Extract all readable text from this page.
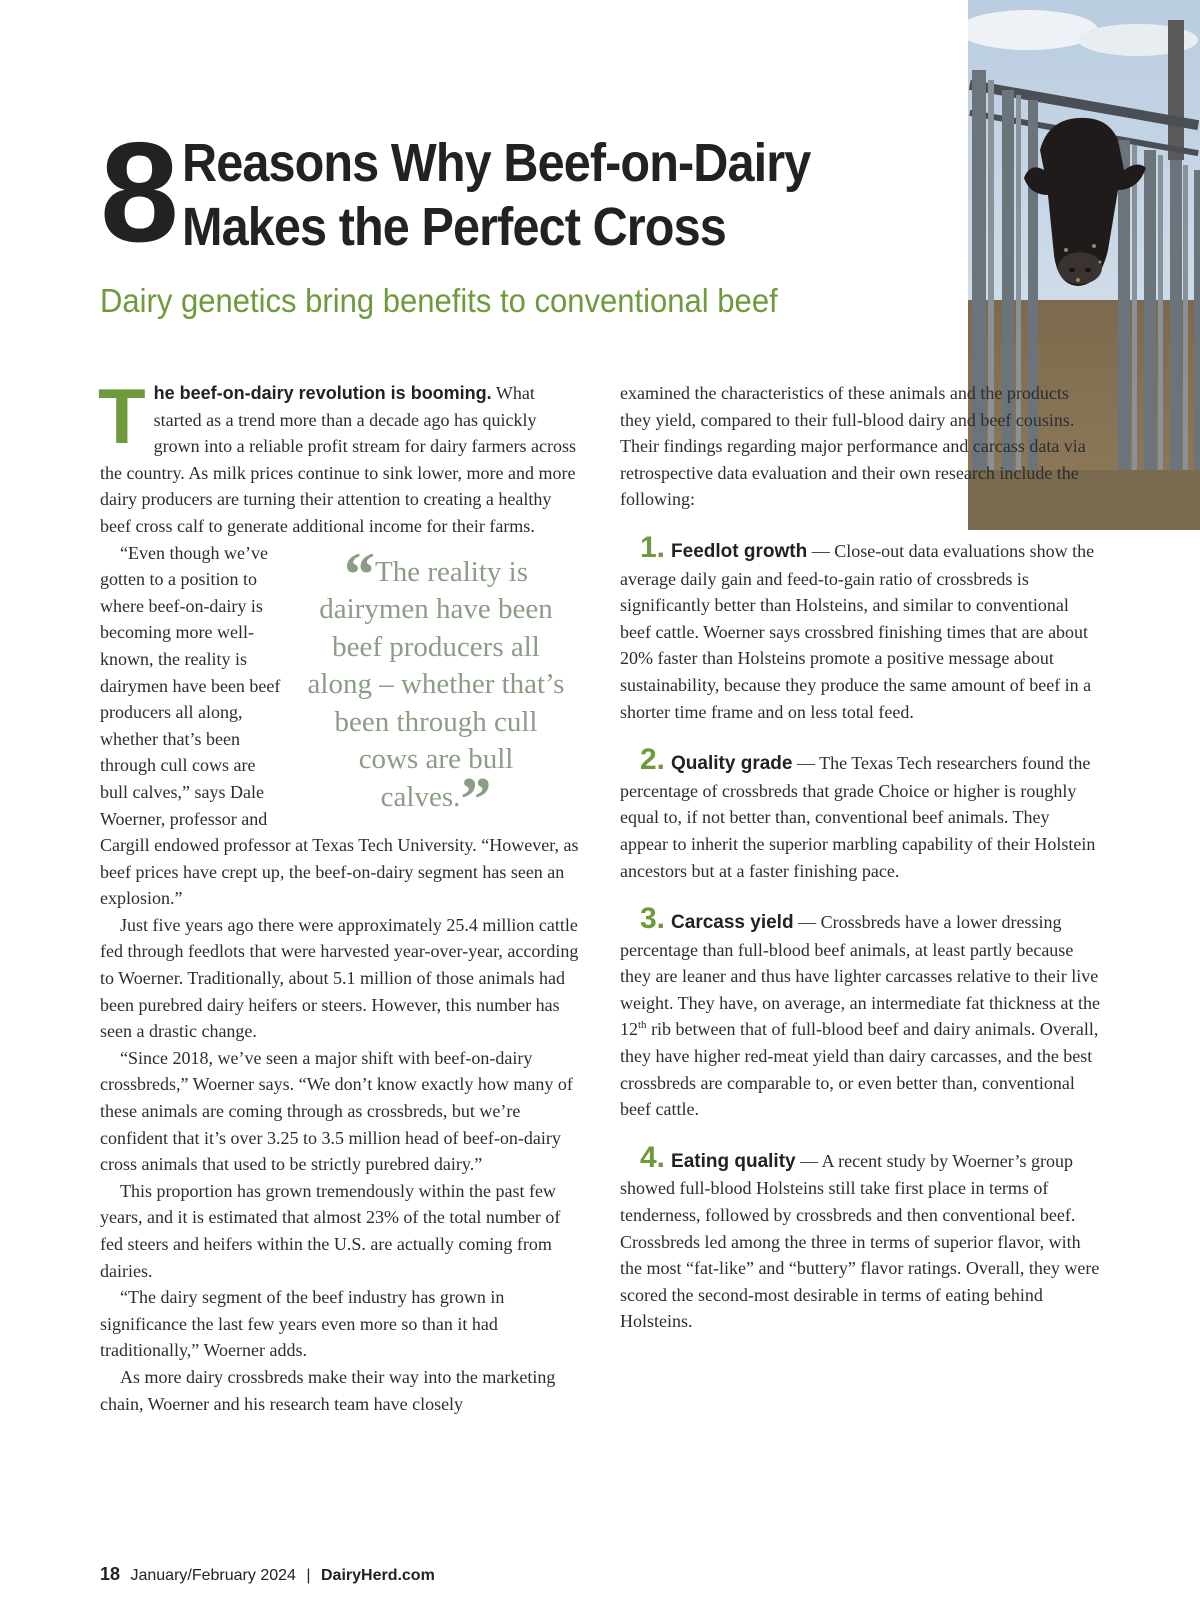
8 Reasons Why Beef-on-Dairy
Makes the Perfect Cross
Dairy genetics bring benefits to conventional beef

T he beef-on-dairy revolution is booming. What started as a trend more than a decade ago has quickly grown into a reliable profit stream for dairy farmers across the country. As milk prices continue to sink lower, more and more dairy producers are turning their attention to creating a healthy beef cross calf to generate additional income for their farms.

“The reality is dairymen have been beef producers all along – whether that’s been through cull cows are bull calves.”

“Even though we’ve gotten to a position to where beef-on-dairy is becoming more well-known, the reality is dairymen have been beef producers all along, whether that’s been through cull cows are bull calves,” says Dale Woerner, professor and Cargill endowed professor at Texas Tech University. “However, as beef prices have crept up, the beef-on-dairy segment has seen an explosion.”

Just five years ago there were approximately 25.4 million cattle fed through feedlots that were harvested year-over-year, according to Woerner. Traditionally, about 5.1 million of those animals had been purebred dairy heifers or steers. However, this number has seen a drastic change.

“Since 2018, we’ve seen a major shift with beef-on-dairy crossbreds,” Woerner says. “We don’t know exactly how many of these animals are coming through as crossbreds, but we’re confident that it’s over 3.25 to 3.5 million head of beef-on-dairy cross animals that used to be strictly purebred dairy.”

This proportion has grown tremendously within the past few years, and it is estimated that almost 23% of the total number of fed steers and heifers within the U.S. are actually coming from dairies.

“The dairy segment of the beef industry has grown in significance the last few years even more so than it had traditionally,” Woerner adds.

As more dairy crossbreds make their way into the marketing chain, Woerner and his research team have closely

examined the characteristics of these animals and the products they yield, compared to their full-blood dairy and beef cousins. Their findings regarding major performance and carcass data via retrospective data evaluation and their own research include the following:

1. Feedlot growth — Close-out data evaluations show the average daily gain and feed-to-gain ratio of crossbreds is significantly better than Holsteins, and similar to conventional beef cattle. Woerner says crossbred finishing times that are about 20% faster than Holsteins promote a positive message about sustainability, because they produce the same amount of beef in a shorter time frame and on less total feed.

2. Quality grade — The Texas Tech researchers found the percentage of crossbreds that grade Choice or higher is roughly equal to, if not better than, conventional beef animals. They appear to inherit the superior marbling capability of their Holstein ancestors but at a faster finishing pace.

3. Carcass yield — Crossbreds have a lower dressing percentage than full-blood beef animals, at least partly because they are leaner and thus have lighter carcasses relative to their live weight. They have, on average, an intermediate fat thickness at the 12th rib between that of full-blood beef and dairy animals. Overall, they have higher red-meat yield than dairy carcasses, and the best crossbreds are comparable to, or even better than, conventional beef cattle.

4. Eating quality — A recent study by Woerner’s group showed full-blood Holsteins still take first place in terms of tenderness, followed by crossbreds and then conventional beef. Crossbreds led among the three in terms of superior flavor, with the most “fat-like” and “buttery” flavor ratings. Overall, they were scored the second-most desirable in terms of eating behind Holsteins.

18 January/February 2024 | DairyHerd.com
